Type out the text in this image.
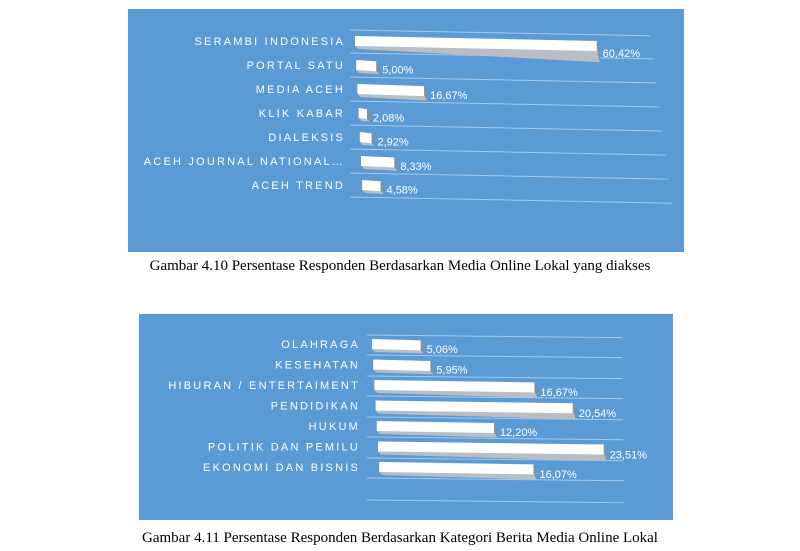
SERAMBI INDONESIA
60,42%
PORTAL SATU	5,00%
MEDIA ACEH
16,67%
KLIK KABAR	2,08%
DIALEKSIS	2,92%
ACEH JOURNAL NATIONAL…	8,33%
ACEH TREND	4,58%
OLAHRAGA	5,06%
KESEHATAN	5,95%
HIBURAN / ENTERTAIMENT
16,67%
PENDIDIKAN
20,54%
HUKUM
12,20%
POLITIK DAN PEMILU
23,51%
EKONOMI DAN BISNIS
16,07%
Gambar 4.10 Persentase Responden Berdasarkan Media Online Lokal yang diakses
Gambar 4.11 Persentase Responden Berdasarkan Kategori Berita Media Online Lokal
